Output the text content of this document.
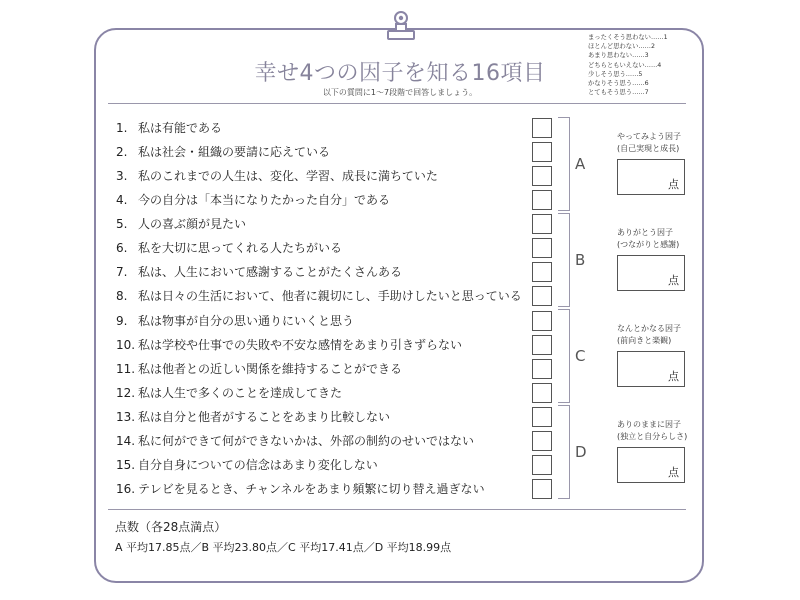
幸せ4つの因子を知る16項目
以下の質問に1〜7段階で回答しましょう。
まったくそう思わない……1
ほとんど思わない……2
あまり思わない……3
どちらともいえない……4
少しそう思う……5
かなりそう思う……6
とてもそう思う……7
1. 私は有能である
2. 私は社会・組織の要請に応えている
3. 私のこれまでの人生は、変化、学習、成長に満ちていた
4. 今の自分は「本当になりたかった自分」である
5. 人の喜ぶ顔が見たい
6. 私を大切に思ってくれる人たちがいる
7. 私は、人生において感謝することがたくさんある
8. 私は日々の生活において、他者に親切にし、手助けしたいと思っている
9. 私は物事が自分の思い通りにいくと思う
10. 私は学校や仕事での失敗や不安な感情をあまり引きずらない
11. 私は他者との近しい関係を維持することができる
12. 私は人生で多くのことを達成してきた
13. 私は自分と他者がすることをあまり比較しない
14. 私に何ができて何ができないかは、外部の制約のせいではない
15. 自分自身についての信念はあまり変化しない
16. テレビを見るとき、チャンネルをあまり頻繁に切り替え過ぎない
A
B
C
D
やってみよう因子
(自己実現と成長)
点
ありがとう因子
(つながりと感謝)
点
なんとかなる因子
(前向きと楽観)
点
ありのままに因子
(独立と自分らしさ)
点
点数（各28点満点）
A 平均17.85点／B 平均23.80点／C 平均17.41点／D 平均18.99点
